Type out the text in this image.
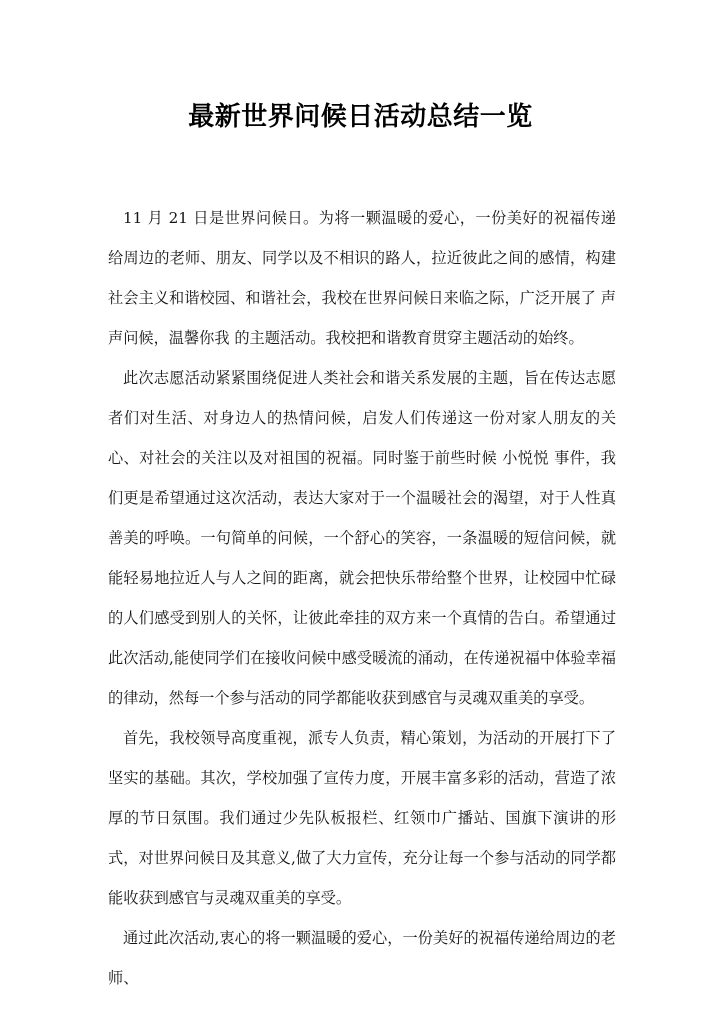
最新世界问候日活动总结一览

11 月 21 日是世界问候日。为将一颗温暖的爱心，一份美好的祝福传递给周边的老师、朋友、同学以及不相识的路人，拉近彼此之间的感情，构建社会主义和谐校园、和谐社会，我校在世界问候日来临之际，广泛开展了 声声问候，温馨你我 的主题活动。我校把和谐教育贯穿主题活动的始终。

此次志愿活动紧紧围绕促进人类社会和谐关系发展的主题，旨在传达志愿者们对生活、对身边人的热情问候，启发人们传递这一份对家人朋友的关心、对社会的关注以及对祖国的祝福。同时鉴于前些时候 小悦悦 事件，我们更是希望通过这次活动，表达大家对于一个温暖社会的渴望，对于人性真善美的呼唤。一句简单的问候，一个舒心的笑容，一条温暖的短信问候，就能轻易地拉近人与人之间的距离，就会把快乐带给整个世界，让校园中忙碌的人们感受到别人的关怀，让彼此牵挂的双方来一个真情的告白。希望通过此次活动,能使同学们在接收问候中感受暖流的涌动，在传递祝福中体验幸福的律动，然每一个参与活动的同学都能收获到感官与灵魂双重美的享受。

首先，我校领导高度重视，派专人负责，精心策划，为活动的开展打下了坚实的基础。其次，学校加强了宣传力度，开展丰富多彩的活动，营造了浓厚的节日氛围。我们通过少先队板报栏、红领巾广播站、国旗下演讲的形式，对世界问候日及其意义,做了大力宣传，充分让每一个参与活动的同学都能收获到感官与灵魂双重美的享受。

通过此次活动,衷心的将一颗温暖的爱心，一份美好的祝福传递给周边的老师、
